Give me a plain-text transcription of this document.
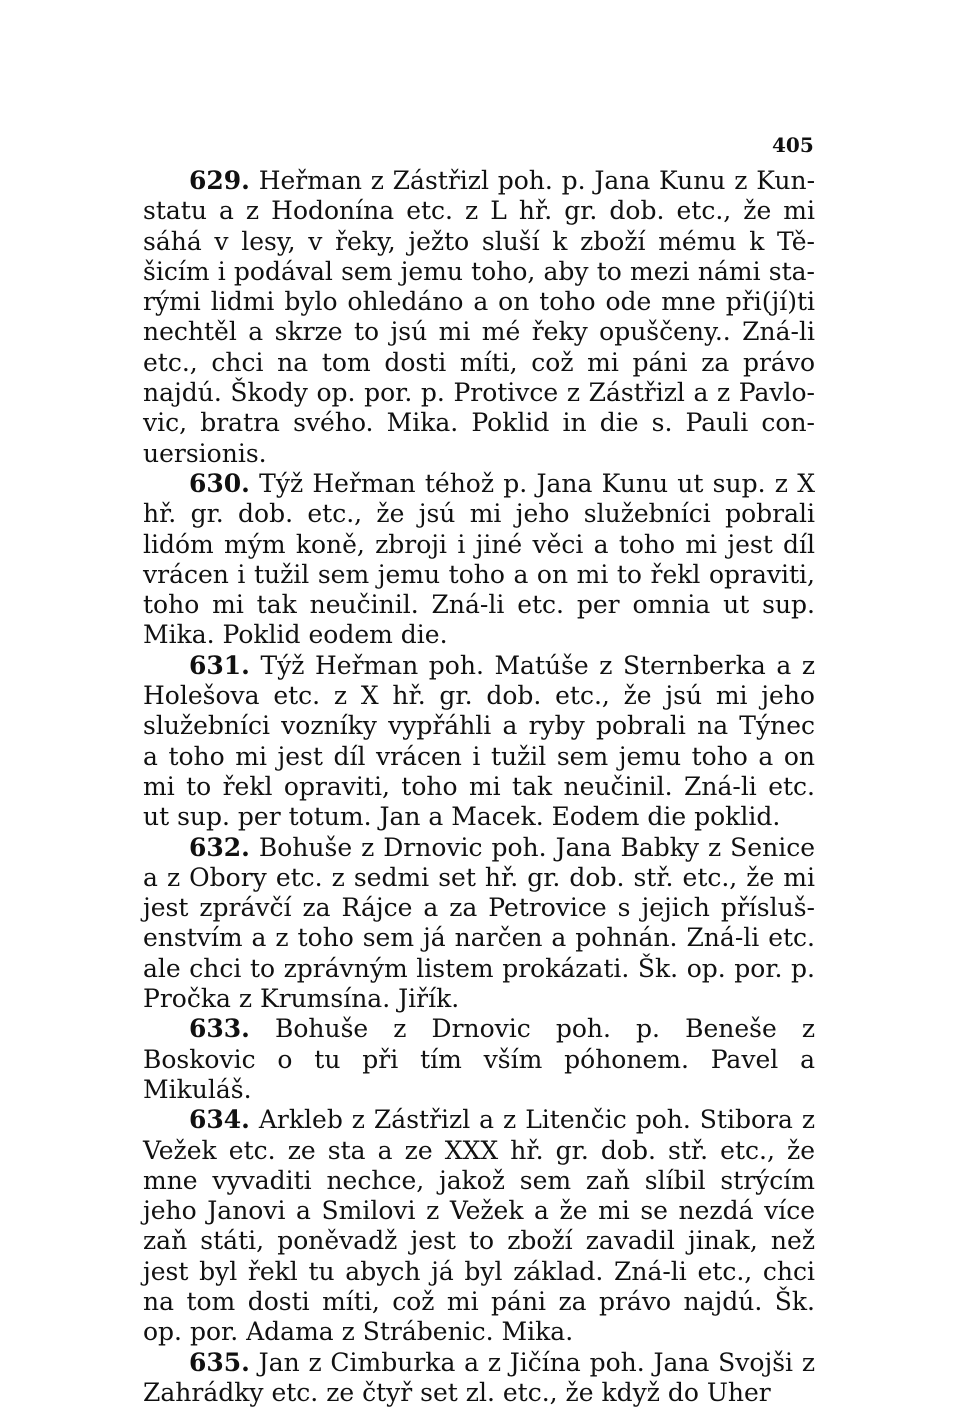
405

629. Heřman z Zástřizl poh. p. Jana Kunu z Kunstatu a z Hodonína etc. z L hř. gr. dob. etc., že mi sáhá v lesy, v řeky, ježto sluší k zboží mému k Těšicím i podával sem jemu toho, aby to mezi námi starými lidmi bylo ohledáno a on toho ode mne při(jí)ti nechtěl a skrze to jsú mi mé řeky opuščeny.. Zná-li etc., chci na tom dosti míti, což mi páni za právo najdú. Škody op. por. p. Protivce z Zástřizl a z Pavlovic, bratra svého. Mika. Poklid in die s. Pauli conuersionis.

630. Týž Heřman téhož p. Jana Kunu ut sup. z X hř. gr. dob. etc., že jsú mi jeho služebníci pobrali lidóm mým koně, zbroji i jiné věci a toho mi jest díl vrácen i tužil sem jemu toho a on mi to řekl opraviti, toho mi tak neučinil. Zná-li etc. per omnia ut sup. Mika. Poklid eodem die.

631. Týž Heřman poh. Matúše z Sternberka a z Holešova etc. z X hř. gr. dob. etc., že jsú mi jeho služebníci vozníky vypřáhli a ryby pobrali na Týnec a toho mi jest díl vrácen i tužil sem jemu toho a on mi to řekl opraviti, toho mi tak neučinil. Zná-li etc. ut sup. per totum. Jan a Macek. Eodem die poklid.

632. Bohuše z Drnovic poh. Jana Babky z Senice a z Obory etc. z sedmi set hř. gr. dob. stř. etc., že mi jest zprávčí za Rájce a za Petrovice s jejich příslušenstvím a z toho sem já narčen a pohnán. Zná-li etc. ale chci to zprávným listem prokázati. Šk. op. por. p. Pročka z Krumsína. Jiřík.

633. Bohuše z Drnovic poh. p. Beneše z Boskovic o tu při tím vším póhonem. Pavel a Mikuláš.

634. Arkleb z Zástřizl a z Litenčic poh. Stibora z Vežek etc. ze sta a ze XXX hř. gr. dob. stř. etc., že mne vyvaditi nechce, jakož sem zaň slíbil strýcím jeho Janovi a Smilovi z Vežek a že mi se nezdá více zaň státi, poněvadž jest to zboží zavadil jinak, než jest byl řekl tu abych já byl základ. Zná-li etc., chci na tom dosti míti, což mi páni za právo najdú. Šk. op. por. Adama z Strábenic. Mika.

635. Jan z Cimburka a z Jičína poh. Jana Svojši z Zahrádky etc. ze čtyř set zl. etc., že když do Uher
